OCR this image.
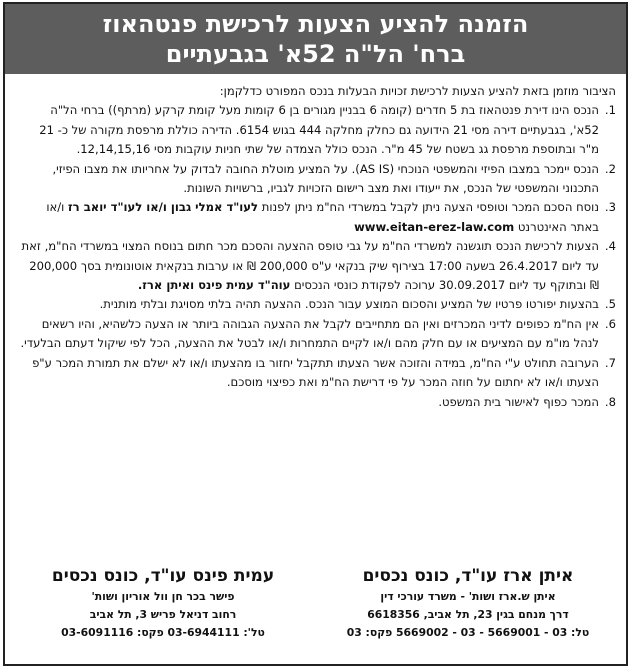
הזמנה להציע הצעות לרכישת פנטהאוז
ברח' הל"ה 52א' בגבעתיים

הציבור מוזמן בזאת להציע הצעות לרכישת זכויות הבעלות בנכס המפורט כדלקמן:

1.
הנכס הינו דירת פנטהאוז בת 5 חדרים (קומה 6 בבניין מגורים בן 6 קומות מעל קומת קרקע (מרתף)) ברחי הל"ה 52א', בגבעתיים דירה מסי 21 הידועה גם כחלק מחלקה 444 בגוש 6154. הדירה כוללת מרפסת מקורה של כ- 21 מ"ר ובתוספת מרפסת גג בשטח של 45 מ"ר. הנכס כולל הצמדה של שתי חניות עוקבות מסי 12,14,15,16.
2.
הנכס יימכר במצבו הפיזי והמשפטי הנוכחי (AS IS). על המציע מוטלת החובה לבדוק על אחריותו את מצבו הפיזי, התכנוני והמשפטי של הנכס, את ייעודו ואת מצב רישום הזכויות לגביו, ברשויות השונות.
3.
נוסח הסכם המכר וטופסי הצעה ניתן לקבל במשרדי הח"מ ניתן לפנות לעו"ד אמלי גבון ו/או לעו"ד יואב רז ו/או באתר האינטרנט www.eitan-erez-law.com
4.
הצעות לרכישת הנכס תוגשנה למשרדי הח"מ על גבי טופס ההצעה והסכם מכר חתום בנוסח המצוי במשרדי הח"מ, זאת עד ליום 26.4.2017 בשעה 17:00 בצירוף שיק בנקאי ע"ס 200,000 ₪ או ערבות בנקאית אוטונומית בסך 200,000 ₪ ובתוקף עד ליום 30.09.2017 ערוכה לפקודת כונסי הנכסים עוה"ד עמית פינס ואיתן ארז.
5.
בהצעות יפורטו פרטיו של המציע והסכום המוצע עבור הנכס. ההצעה תהיה בלתי מסויגת ובלתי מותנית.
6.
אין הח"מ כפופים לדיני המכרזים ואין הם מתחייבים לקבל את ההצעה הגבוהה ביותר או הצעה כלשהיא, והיו רשאים לנהל מו"מ עם המציעים או עם חלק מהם ו/או לקיים התמחרות ו/או לבטל את ההצעה, הכל לפי שיקול דעתם הבלעדי.
7.
הערובה תחולט ע"י הח"מ, במידה והזוכה אשר הצעתו תתקבל יחזור בו מהצעתו ו/או לא ישלם את תמורת המכר ע"פ הצעתו ו/או לא יחתום על חוזה המכר על פי דרישת הח"מ ואת כפיצוי מוסכם.
8.
המכר כפוף לאישור בית המשפט.

איתן ארז עו"ד, כונס נכסים

איתן ש.ארז ושות' - משרד עורכי דין

דרך מנחם בגין 23, תל אביב, 6618356

טל: 03 - 5669001 - 03 - 5669002 פקס: 03

עמית פינס עו"ד, כונס נכסים

פישר בכר חן וול אוריון ושות'

רחוב דניאל פריש 3, תל אביב

טל': 03-6944111 פקס: 03-6091116
